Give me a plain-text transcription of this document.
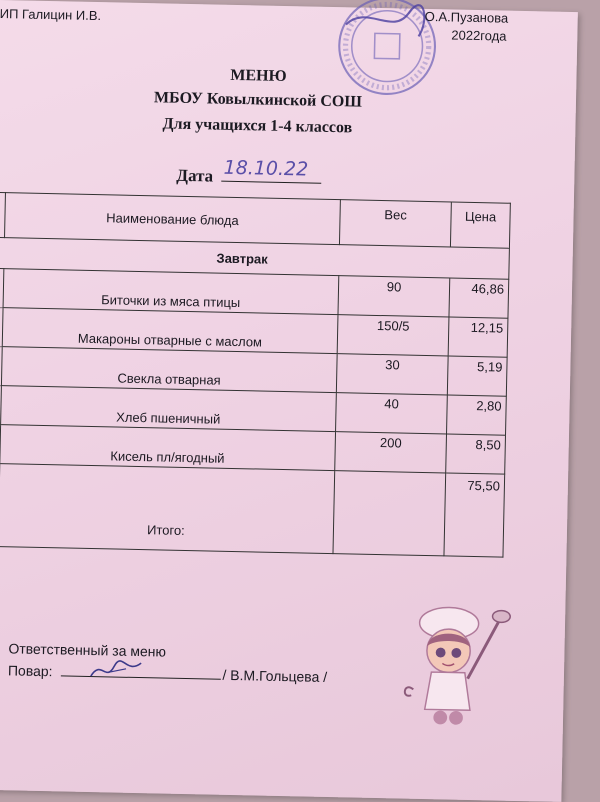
ИП Галицин И.В.	О.А.Пузанова
2022года
МЕНЮ
МБОУ Ковылкинской СОШ
Для учащихся 1-4 классов
Дата 18.10.22
	Наименование блюда	Вес	Цена
Завтрак			
	Биточки из мяса птицы	90	46,86
	Макароны отварные с маслом	150/5	12,15
	Свекла отварная	30	5,19
	Хлеб пшеничный	40	2,80
	Кисель пл/ягодный	200	8,50
	Итого:		75,50
Ответственный за меню
Повар:	/ В.М.Гольцева /
